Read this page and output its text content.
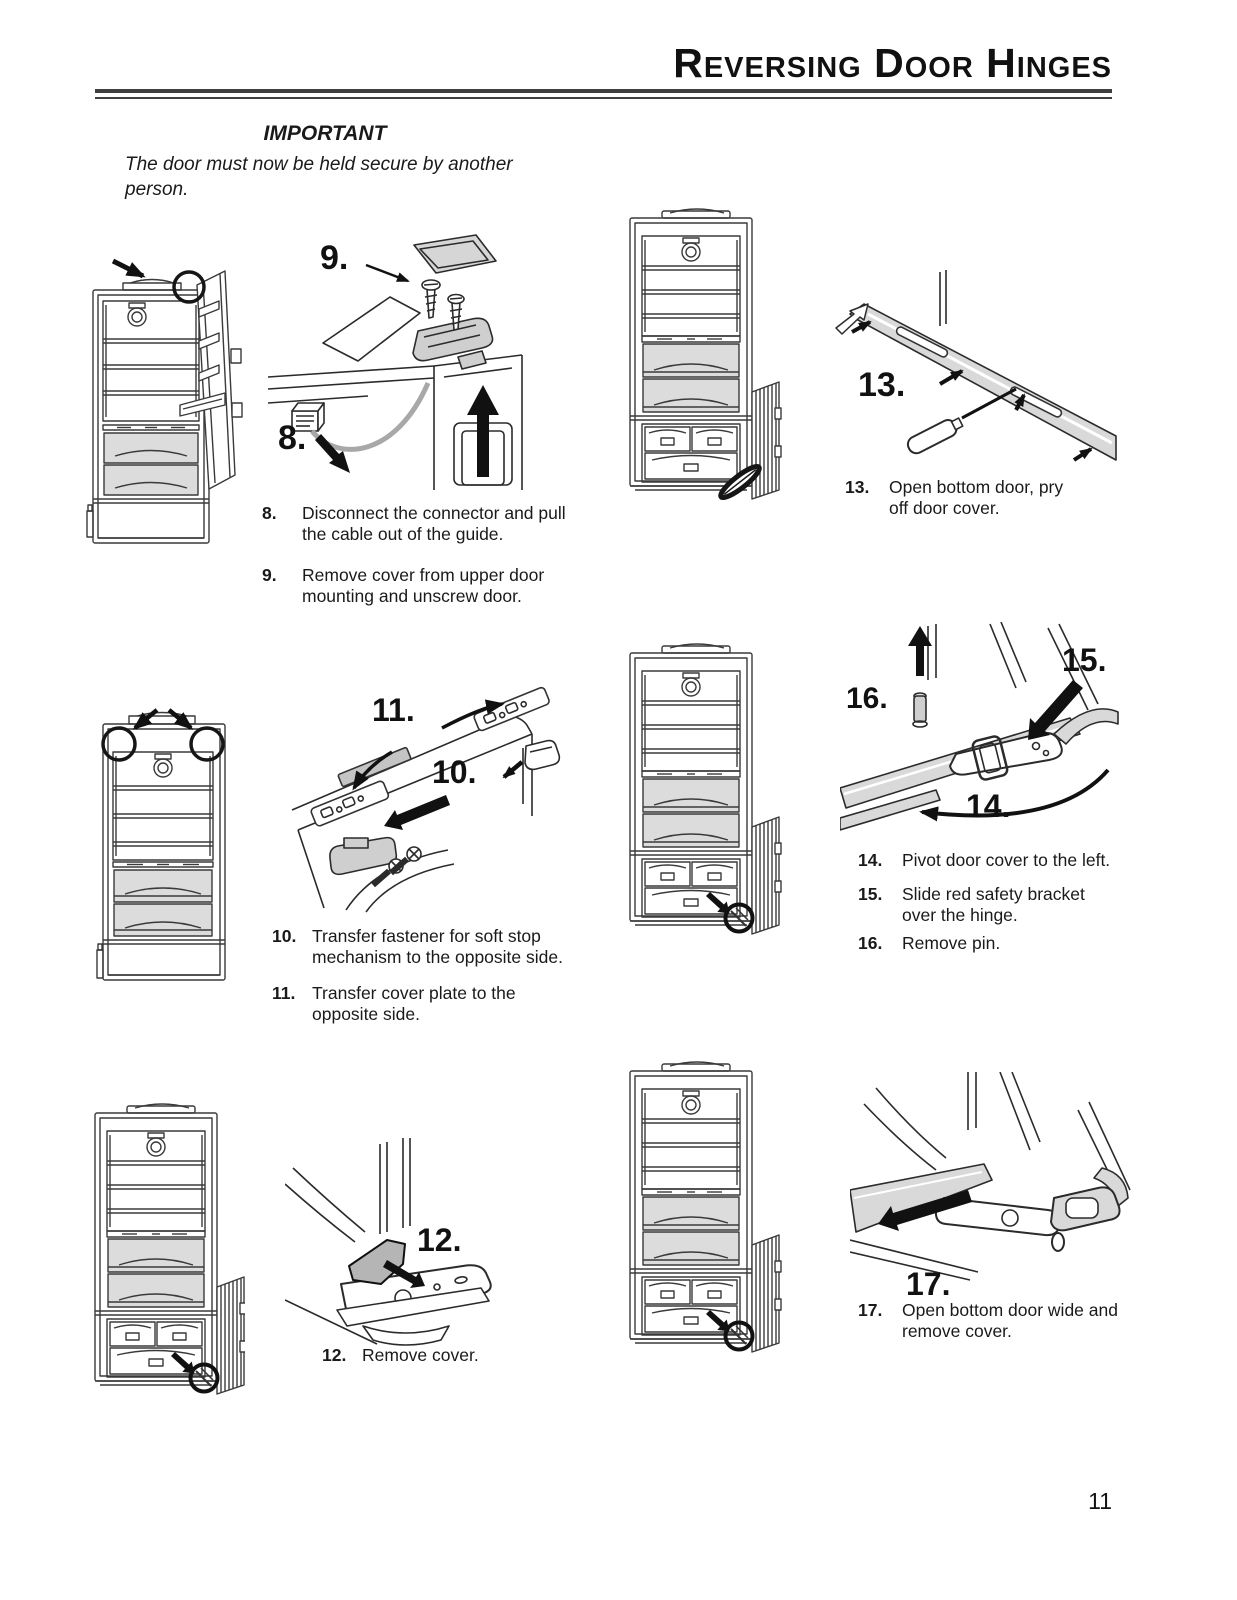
Reversing Door Hinges
IMPORTANT
The door must now be held secure by another person.
9.
8.
13.
11.
10.
16.
15.
14.
12.
17.
8.	Disconnect the connector and pull the cable out of the guide.
9.	Remove cover from upper door mounting and unscrew door.
13.	Open bottom door, pry off door cover.
10. Transfer fastener for soft stop mechanism to the opposite side.
11. Transfer cover plate to the opposite side.
14.	Pivot door cover to the left.
15.	Slide red safety bracket over the hinge.
16.	Remove pin.
12. Remove cover.
17.	Open bottom door wide and remove cover.
11
